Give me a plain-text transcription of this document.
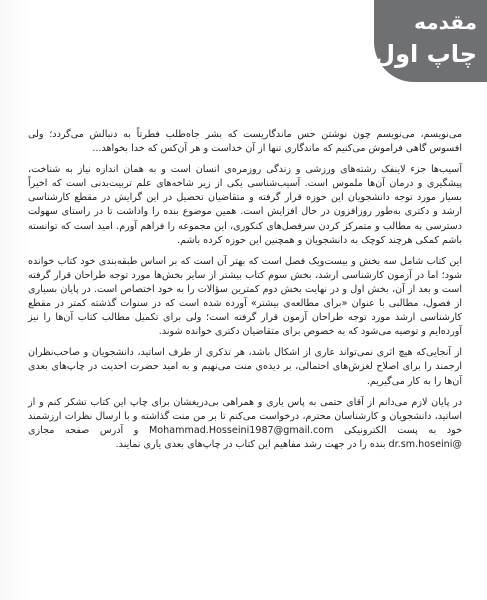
مقدمه
چاپ اول

می‌نویسم، می‌نویسم چون نوشتن حس ماندگاریست که بشر جاه‌طلب فطرتاً به دنبالش می‌گردد؛ ولی افسوس گاهی فراموش می‌کنیم که ماندگاری تنها از آن خداست و هر آن‌کس که خدا بخواهد...

آسیب‌ها جزء لاینفک رشته‌های ورزشی و زندگی روزمره‌ی انسان است و به همان اندازه نیاز به شناخت، پیشگیری و درمان آن‌ها ملموس است. آسیب‌شناسی یکی از زیر شاخه‌های علم تربیت‌بدنی است که اخیراً بسیار مورد توجه دانشجویان این حوزه قرار گرفته و متقاضیان تحصیل در این گرایش در مقطع کارشناسی ارشد و دکتری به‌طور روزافزون در حال افزایش است. همین موضوع بنده را واداشت تا در راستای سهولت دسترسی به مطالب و متمرکز کردن سرفصل‌های کنکوری، این مجموعه را فراهم آورم. امید است که توانسته باشم کمکی هرچند کوچک به دانشجویان و همچنین این حوزه کرده باشم.

این کتاب شامل سه بخش و بیست‌ویک فصل است که بهتر آن است که بر اساس طبقه‌بندی خود کتاب خوانده شود؛ اما در آزمون کارشناسی ارشد، بخش سوم کتاب بیشتر از سایر بخش‌ها مورد توجه طراحان قرار گرفته است و بعد از آن، بخش اول و در نهایت بخش دوم کمترین سؤالات را به خود اختصاص است. در پایان بسیاری از فصول، مطالبی با عنوان «برای مطالعه‌ی بیشتر» آورده شده است که در سنوات گذشته کمتر در مقطع کارشناسی ارشد مورد توجه طراحان آزمون قرار گرفته است؛ ولی برای تکمیل مطالب کتاب آن‌ها را نیز آورده‌ایم و توصیه می‌شود که به خصوص برای متقاضیان دکتری خوانده شوند.

از آنجایی‌که هیچ اثری نمی‌تواند عاری از اشکال باشد، هر تذکری از طرف اساتید، دانشجویان و صاحب‌نظران ارجمند را برای اصلاح لغزش‌های احتمالی، بر دیده‌ی منت می‌نهیم و به امید حضرت احدیت در چاپ‌های بعدی آن‌ها را به کار می‌گیریم.

در پایان لازم می‌دانم از آقای حتمی به پاس یاری و همراهی بی‌دریغشان برای چاپ این کتاب تشکر کنم و از اساتید، دانشجویان و کارشناسان محترم، درخواست می‌کنم تا بر من منت گذاشته و با ارسال نظرات ارزشمند خود به پست الکترونیکی Mohammad.Hosseini1987@gmail.com و آدرس صفحه مجازی @dr.sm.hoseini بنده را در جهت رشد مفاهیم این کتاب در چاپ‌های بعدی یاری نمایند.
